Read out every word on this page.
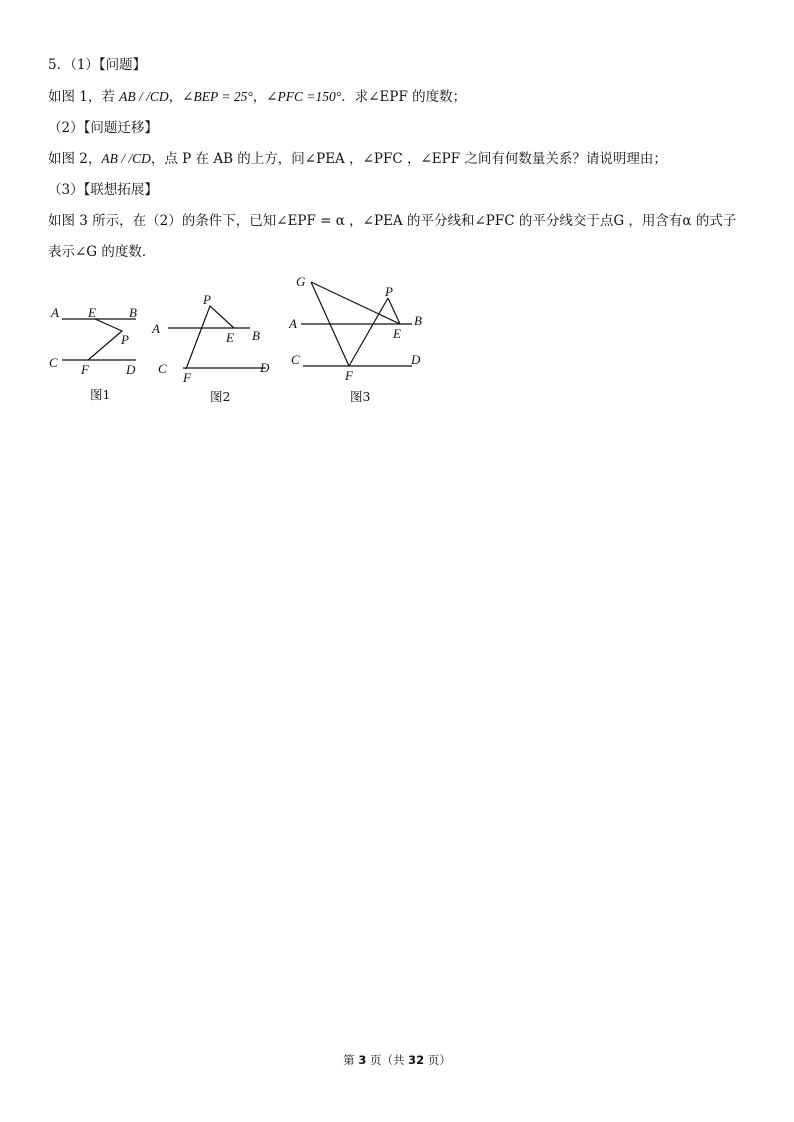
5．（1）【问题】
如图 1，若 AB / /CD，∠BEP = 25°，∠PFC =150°．求∠EPF 的度数；
（2）【问题迁移】
如图 2，AB / /CD，点 P 在 AB 的上方，问∠PEA ，∠PFC ，∠EPF 之间有何数量关系？请说明理由；
（3）【联想拓展】
如图 3 所示，在（2）的条件下，已知∠EPF = α ，∠PEA 的平分线和∠PFC 的平分线交于点G ，用含有α 的式子
表示∠G 的度数．
A E	B
P
C F	D
图1
P
A
E B
C
F
D
图2
G
P
A
E
B
C
F
D
图3
第 3 页（共 32 页）
